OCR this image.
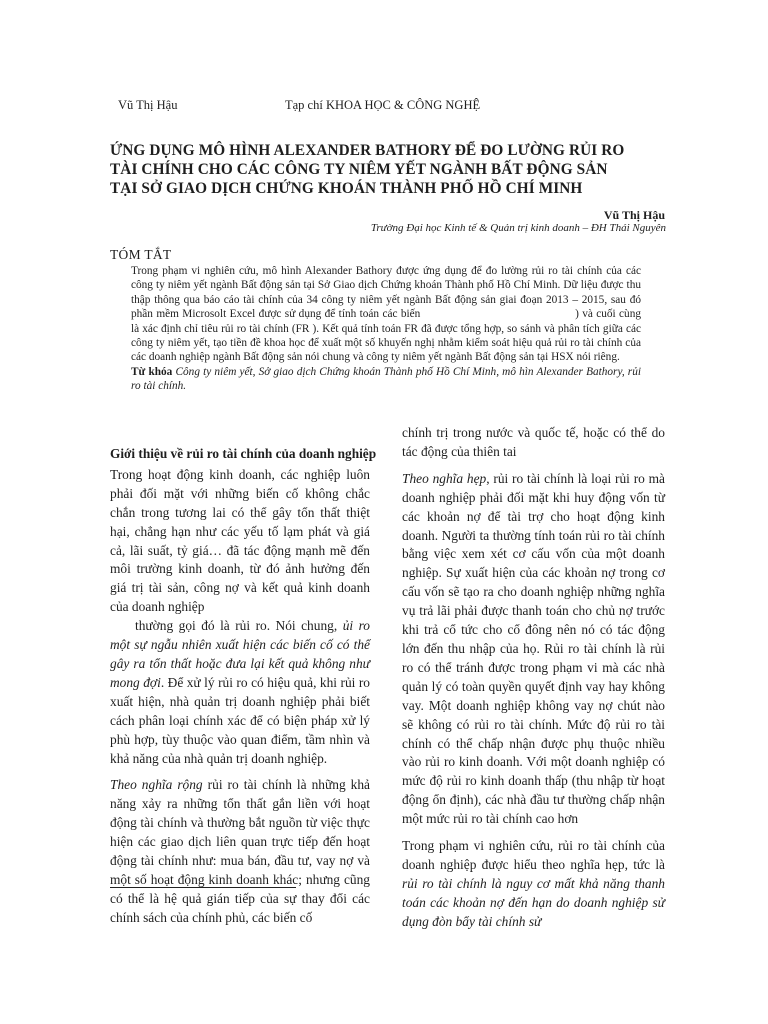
Vũ Thị Hậu	Tạp chí KHOA HỌC & CÔNG NGHỆ
ỨNG DỤNG MÔ HÌNH ALEXANDER BATHORY ĐỂ ĐO LƯỜNG RỦI RO
TÀI CHÍNH CHO CÁC CÔNG TY NIÊM YẾT NGÀNH BẤT ĐỘNG SẢN
TẠI SỞ GIAO DỊCH CHỨNG KHOÁN THÀNH PHỐ HỒ CHÍ MINH
Vũ Thị Hậu
Trường Đại học Kinh tế & Quản trị kinh doanh – ĐH Thái Nguyên
TÓM TẮT
Trong phạm vi nghiên cứu, mô hình Alexander Bathory được ứng dụng để đo lường rủi ro tài chính của các công ty niêm yết ngành Bất động sản tại Sở Giao dịch Chứng khoán Thành phố Hồ Chí Minh. Dữ liệu được thu thập thông qua báo cáo tài chính của 34 công ty niêm yết ngành Bất động sản giai đoạn 2013 – 2015, sau đó phần mềm Microsolt Excel được sử dụng để tính toán các biến	) và cuối cùng là xác định chỉ tiêu rủi ro tài chính (FR ). Kết quả tính toán FR đã được tổng hợp, so sánh và phân tích giữa các công ty niêm yết, tạo tiền đề khoa học để xuất một số khuyến nghị nhằm kiểm soát hiệu quả rủi ro tài chính của các doanh nghiệp ngành Bất động sản nói chung và công ty niêm yết ngành Bất động sản tại HSX nói riêng.
Từ khóa Công ty niêm yết, Sở giao dịch Chứng khoán Thành phố Hồ Chí Minh, mô hìn Alexander Bathory, rủi ro tài chính.
Giới thiệu về rủi ro tài chính của doanh nghiệp

Trong hoạt động kinh doanh, các nghiệp luôn phải đối mặt với những biến cố không chắc chắn trong tương lai có thể gây tổn thất thiệt hại, chẳng hạn như các yếu tố lạm phát và giá cả, lãi suất, tỷ giá… đã tác động mạnh mẽ đến môi trường kinh doanh, từ đó ảnh hưởng đến giá trị tài sản, công nợ và kết quả kinh doanh của doanh nghiệp

thường gọi đó là rủi ro. Nói chung, ủi ro một sự ngẫu nhiên xuất hiện các biến cố có thể gây ra tổn thất hoặc đưa lại kết quả không như mong đợi. Để xử lý rủi ro có hiệu quả, khi rủi ro xuất hiện, nhà quản trị doanh nghiệp phải biết cách phân loại chính xác để có biện pháp xử lý phù hợp, tùy thuộc vào quan điểm, tầm nhìn và khả năng của nhà quản trị doanh nghiệp.

Theo nghĩa rộng rủi ro tài chính là những khả năng xảy ra những tổn thất gắn liền với hoạt động tài chính và thường bắt nguồn từ việc thực hiện các giao dịch liên quan trực tiếp đến hoạt động tài chính như: mua bán, đầu tư, vay nợ và một số hoạt động kinh doanh khác; nhưng cũng có thể là hệ quả gián tiếp của sự thay đổi các chính sách của chính phủ, các biến cố

chính trị trong nước và quốc tế, hoặc có thể do tác động của thiên tai

Theo nghĩa hẹp, rủi ro tài chính là loại rủi ro mà doanh nghiệp phải đối mặt khi huy động vốn từ các khoản nợ để tài trợ cho hoạt động kinh doanh. Người ta thường tính toán rủi ro tài chính bằng việc xem xét cơ cấu vốn của một doanh nghiệp. Sự xuất hiện của các khoản nợ trong cơ cấu vốn sẽ tạo ra cho doanh nghiệp những nghĩa vụ trả lãi phải được thanh toán cho chủ nợ trước khi trả cổ tức cho cổ đông nên nó có tác động lớn đến thu nhập của họ. Rủi ro tài chính là rủi ro có thể tránh được trong phạm vi mà các nhà quản lý có toàn quyền quyết định vay hay không vay. Một doanh nghiệp không vay nợ chút nào sẽ không có rủi ro tài chính. Mức độ rủi ro tài chính có thể chấp nhận được phụ thuộc nhiều vào rủi ro kinh doanh. Với một doanh nghiệp có mức độ rủi ro kinh doanh thấp (thu nhập từ hoạt động ổn định), các nhà đầu tư thường chấp nhận một mức rủi ro tài chính cao hơn

Trong phạm vi nghiên cứu, rủi ro tài chính của doanh nghiệp được hiểu theo nghĩa hẹp, tức là rủi ro tài chính là nguy cơ mất khả năng thanh toán các khoản nợ đến hạn do doanh nghiệp sử dụng đòn bẩy tài chính sử
